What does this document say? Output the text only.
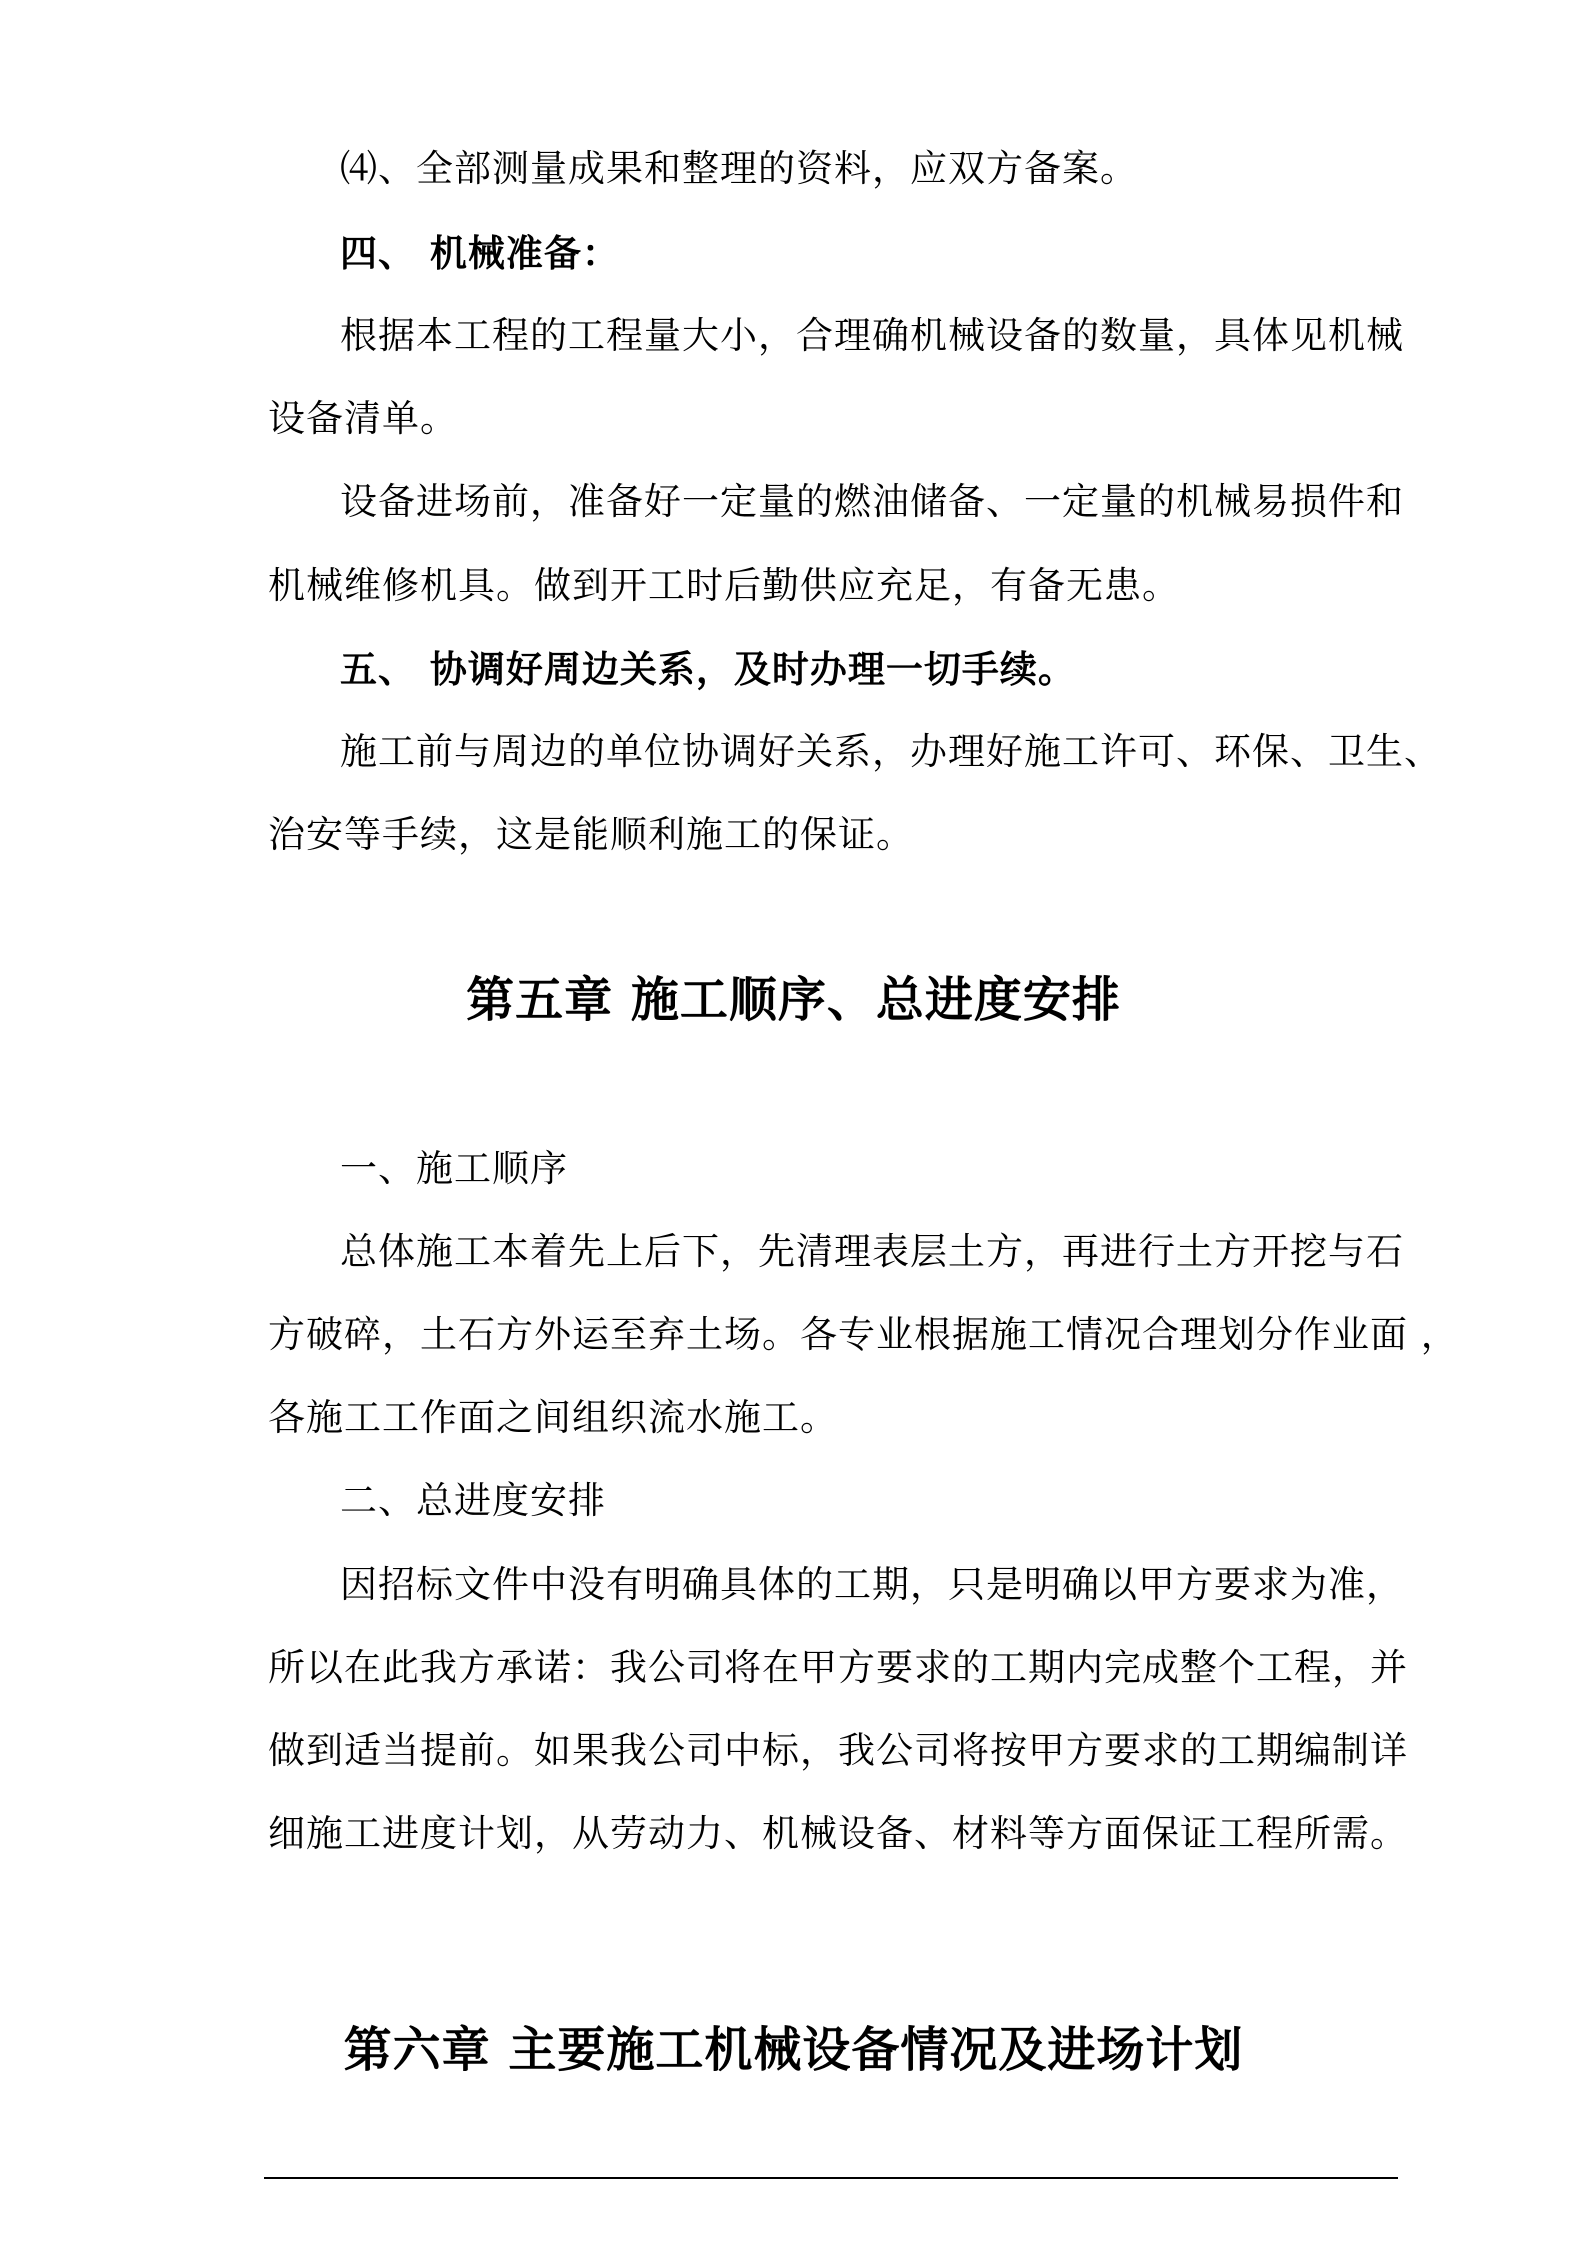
⑷、全部测量成果和整理的资料，应双方备案。
四、 机械准备：
根据本工程的工程量大小，合理确机械设备的数量，具体见机械
设备清单。
设备进场前，准备好一定量的燃油储备、一定量的机械易损件和
机械维修机具。做到开工时后勤供应充足，有备无患。
五、 协调好周边关系，及时办理一切手续。
施工前与周边的单位协调好关系，办理好施工许可、环保、卫生、
治安等手续，这是能顺利施工的保证。
第五章 施工顺序、总进度安排
一、施工顺序
总体施工本着先上后下，先清理表层土方，再进行土方开挖与石
方破碎，土石方外运至弃土场。各专业根据施工情况合理划分作业面 ，
各施工工作面之间组织流水施工。
二、总进度安排
因招标文件中没有明确具体的工期，只是明确以甲方要求为准，
所以在此我方承诺：我公司将在甲方要求的工期内完成整个工程，并
做到适当提前。如果我公司中标，我公司将按甲方要求的工期编制详
细施工进度计划，从劳动力、机械设备、材料等方面保证工程所需。
第六章 主要施工机械设备情况及进场计划
